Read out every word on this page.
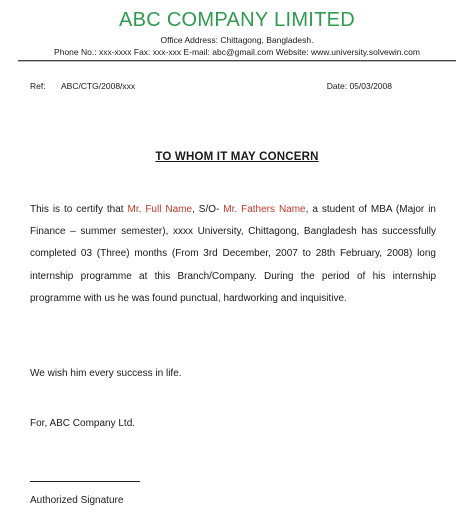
ABC COMPANY LIMITED
Office Address: Chittagong, Bangladesh.
Phone No.: xxx-xxxx Fax: xxx-xxx E-mail: abc@gmail.com Website: www.university.solvewin.com
Ref: ABC/CTG/2008/xxx	Date: 05/03/2008
TO WHOM IT MAY CONCERN

This is to certify that Mr. Full Name, S/O- Mr. Fathers Name, a student of MBA (Major in Finance – summer semester), xxxx University, Chittagong, Bangladesh has successfully completed 03 (Three) months (From 3rd December, 2007 to 28th February, 2008) long internship programme at this Branch/Company. During the period of his internship programme with us he was found punctual, hardworking and inquisitive.

We wish him every success in life.
For, ABC Company Ltd.
Authorized Signature
